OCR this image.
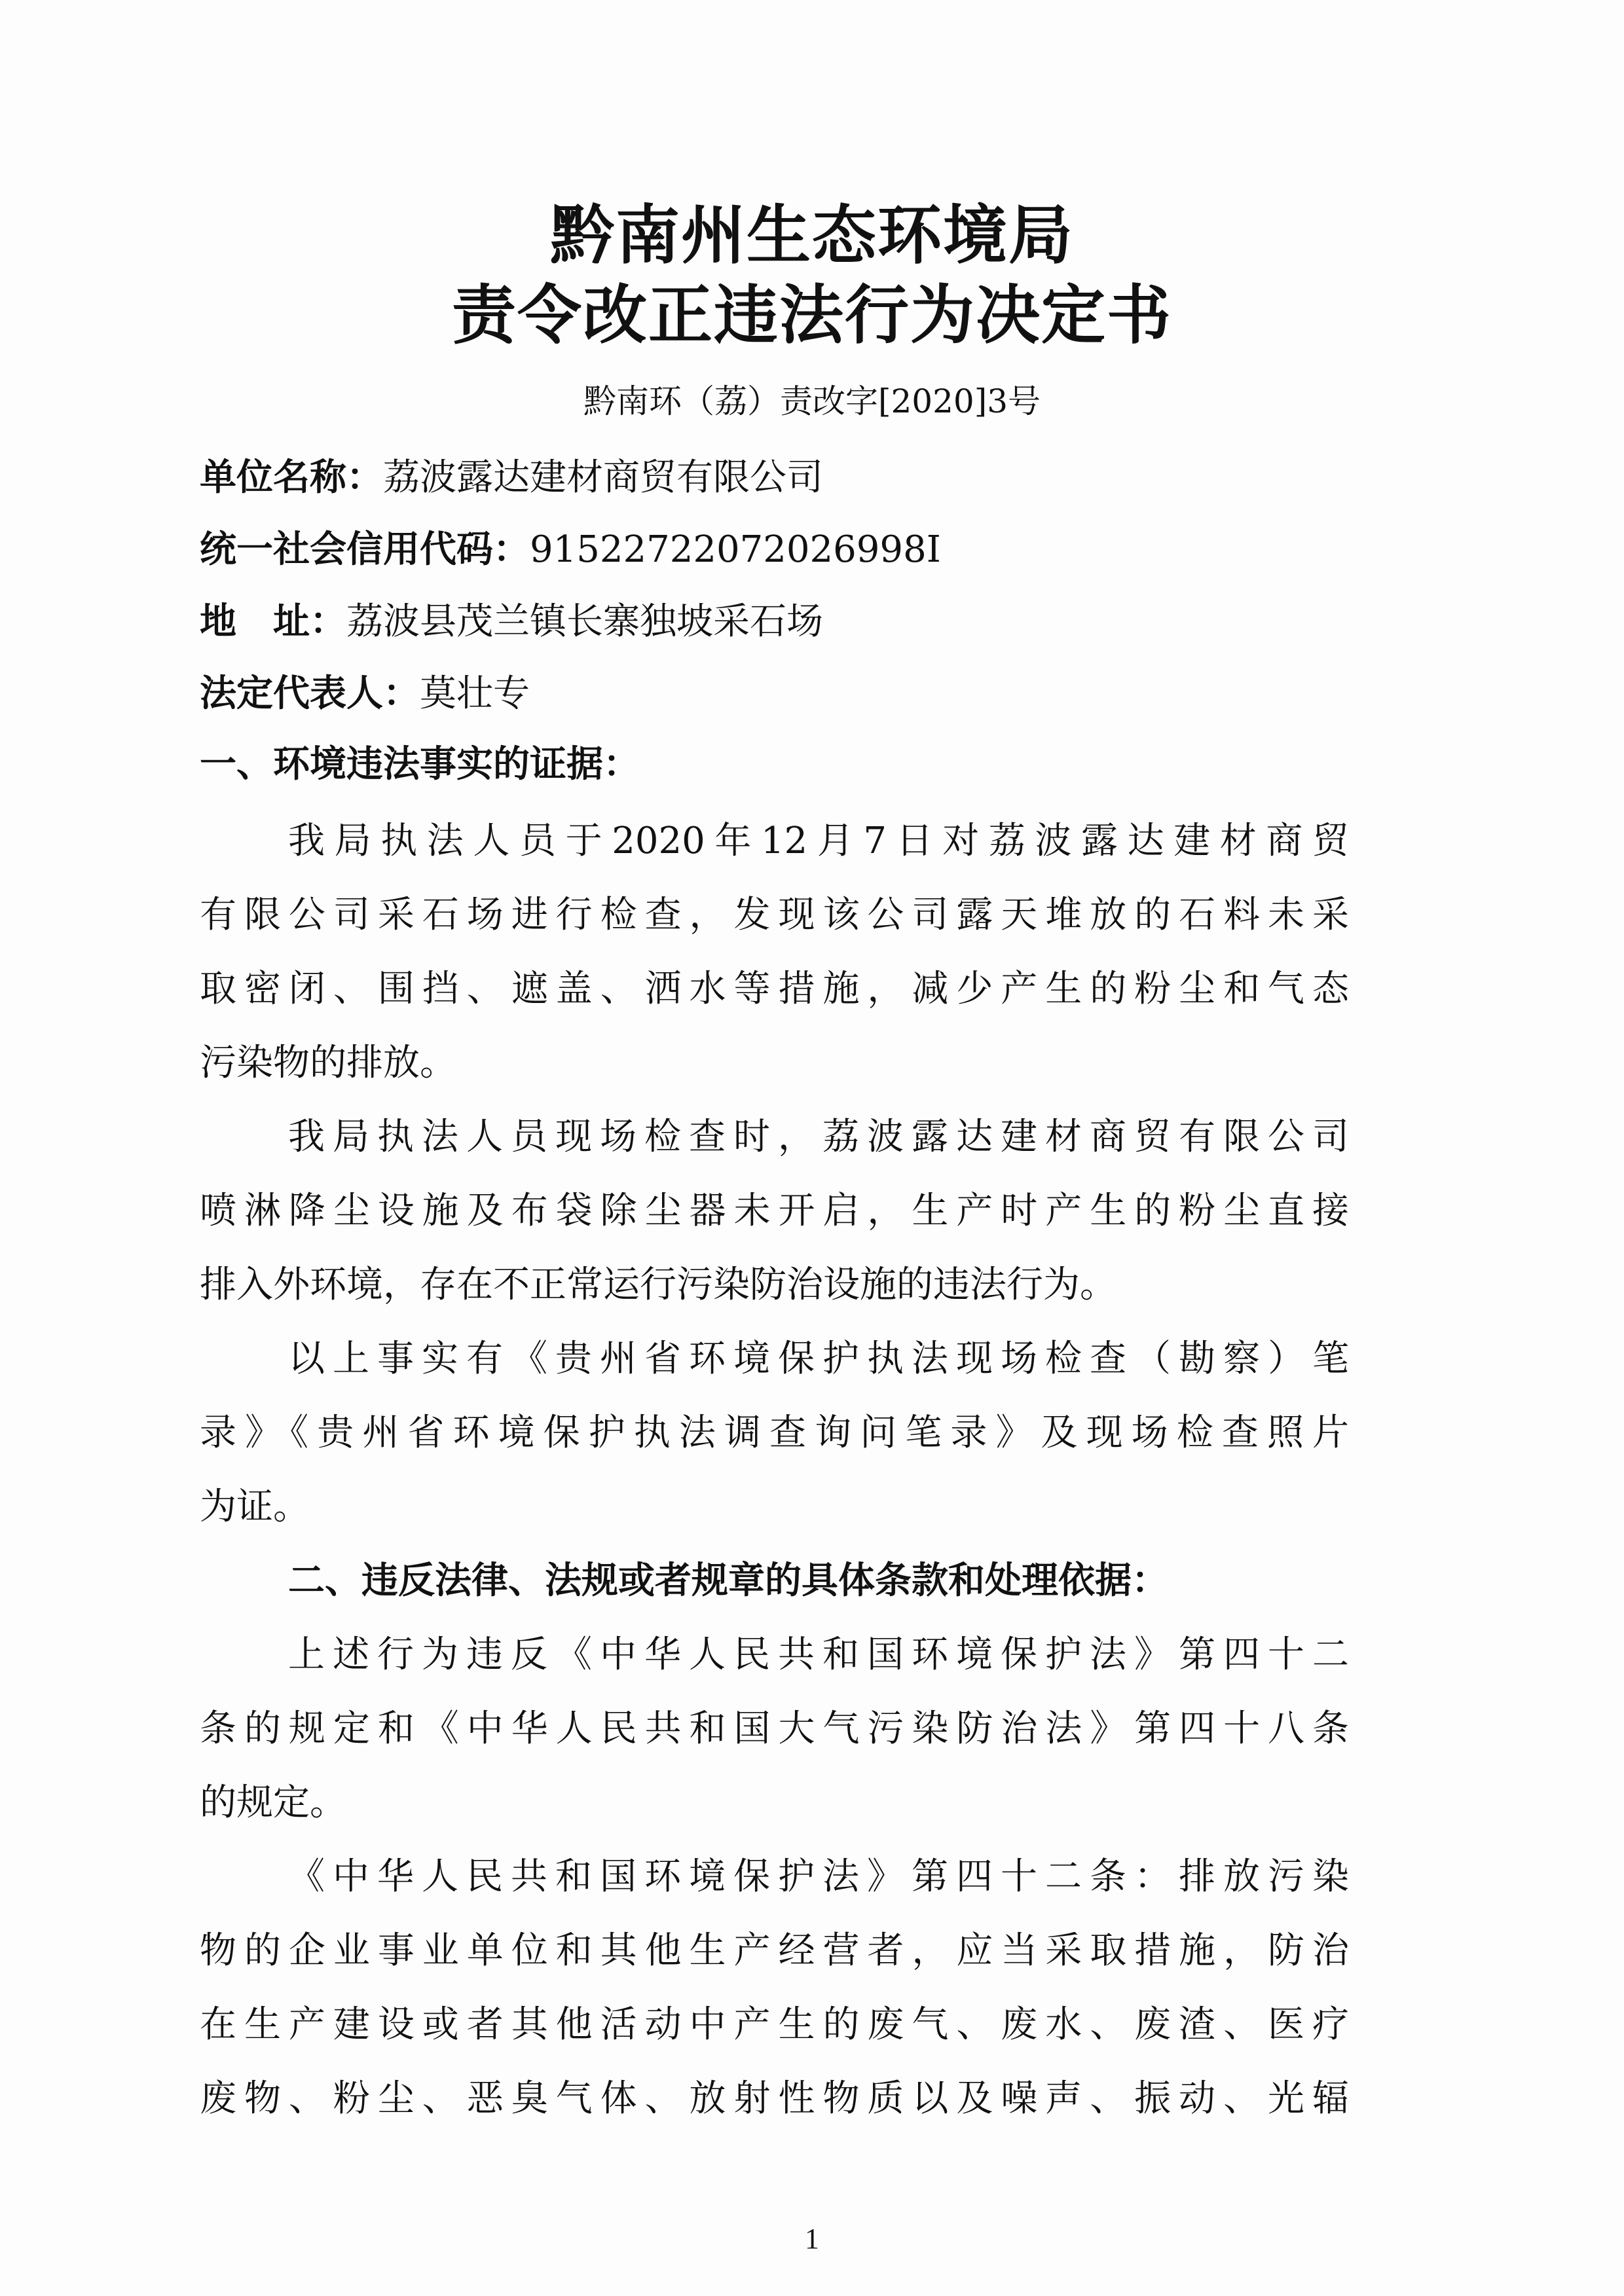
黔南州生态环境局
责令改正违法行为决定书
黔南环（荔）责改字[2020]3号
单位名称：荔波露达建材商贸有限公司
统一社会信用代码：91522722072026998I
地　址：荔波县茂兰镇长寨独坡采石场
法定代表人：莫壮专
一、环境违法事实的证据：
我局执法人员于2020年12月7日对荔波露达建材商贸
有限公司采石场进行检查，发现该公司露天堆放的石料未采
取密闭、围挡、遮盖、洒水等措施，减少产生的粉尘和气态
污染物的排放。
我局执法人员现场检查时，荔波露达建材商贸有限公司
喷淋降尘设施及布袋除尘器未开启，生产时产生的粉尘直接
排入外环境，存在不正常运行污染防治设施的违法行为。
以上事实有《贵州省环境保护执法现场检查（勘察）笔
录》《贵州省环境保护执法调查询问笔录》及现场检查照片
为证。
二、违反法律、法规或者规章的具体条款和处理依据：
上述行为违反《中华人民共和国环境保护法》第四十二
条的规定和《中华人民共和国大气污染防治法》第四十八条
的规定。
《中华人民共和国环境保护法》第四十二条：排放污染
物的企业事业单位和其他生产经营者，应当采取措施，防治
在生产建设或者其他活动中产生的废气、废水、废渣、医疗
废物、粉尘、恶臭气体、放射性物质以及噪声、振动、光辐
1
